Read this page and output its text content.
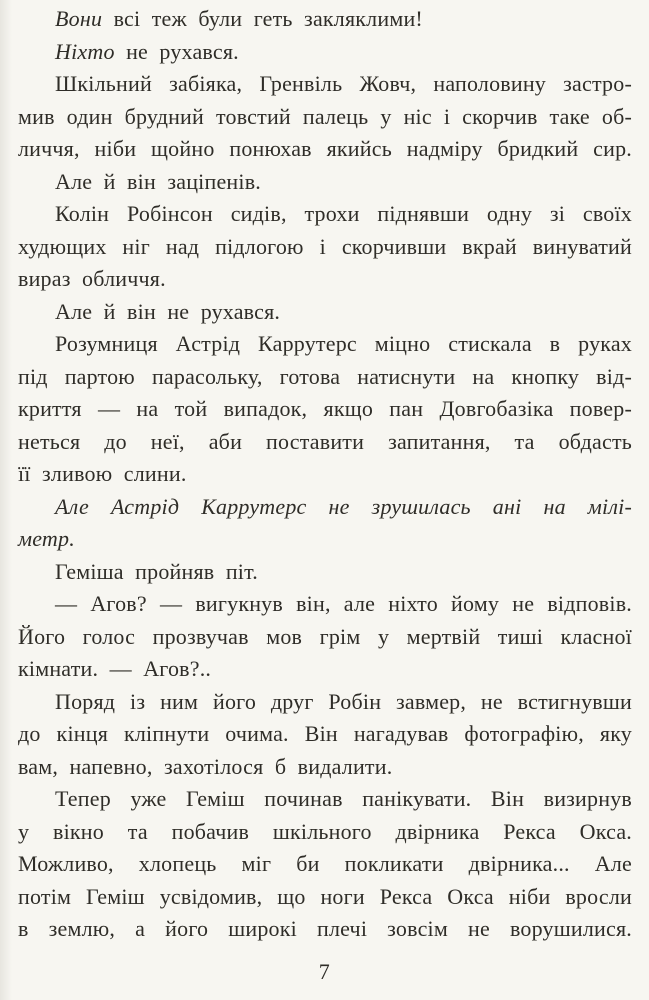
Вони всі теж були геть закляклими!
Ніхто не рухався.
Шкільний забіяка, Гренвіль Жовч, наполовину застро-
мив один брудний товстий палець у ніс і скорчив таке об-
личчя, ніби щойно понюхав якийсь надміру бридкий сир.
Але й він заціпенів.
Колін Робінсон сидів, трохи піднявши одну зі своїх
худющих ніг над підлогою і скорчивши вкрай винуватий
вираз обличчя.
Але й він не рухався.
Розумниця Астрід Каррутерс міцно стискала в руках
під партою парасольку, готова натиснути на кнопку від-
криття — на той випадок, якщо пан Довгобазіка повер-
неться до неї, аби поставити запитання, та обдасть
її зливою слини.
Але Астрід Каррутерс не зрушилась ані на мілі-
метр.
Геміша пройняв піт.
— Агов? — вигукнув він, але ніхто йому не відповів.
Його голос прозвучав мов грім у мертвій тиші класної
кімнати. — Агов?..
Поряд із ним його друг Робін завмер, не встигнувши
до кінця кліпнути очима. Він нагадував фотографію, яку
вам, напевно, захотілося б видалити.
Тепер уже Геміш починав панікувати. Він визирнув
у вікно та побачив шкільного двірника Рекса Окса.
Можливо, хлопець міг би покликати двірника... Але
потім Геміш усвідомив, що ноги Рекса Окса ніби вросли
в землю, а його широкі плечі зовсім не ворушилися.
7
